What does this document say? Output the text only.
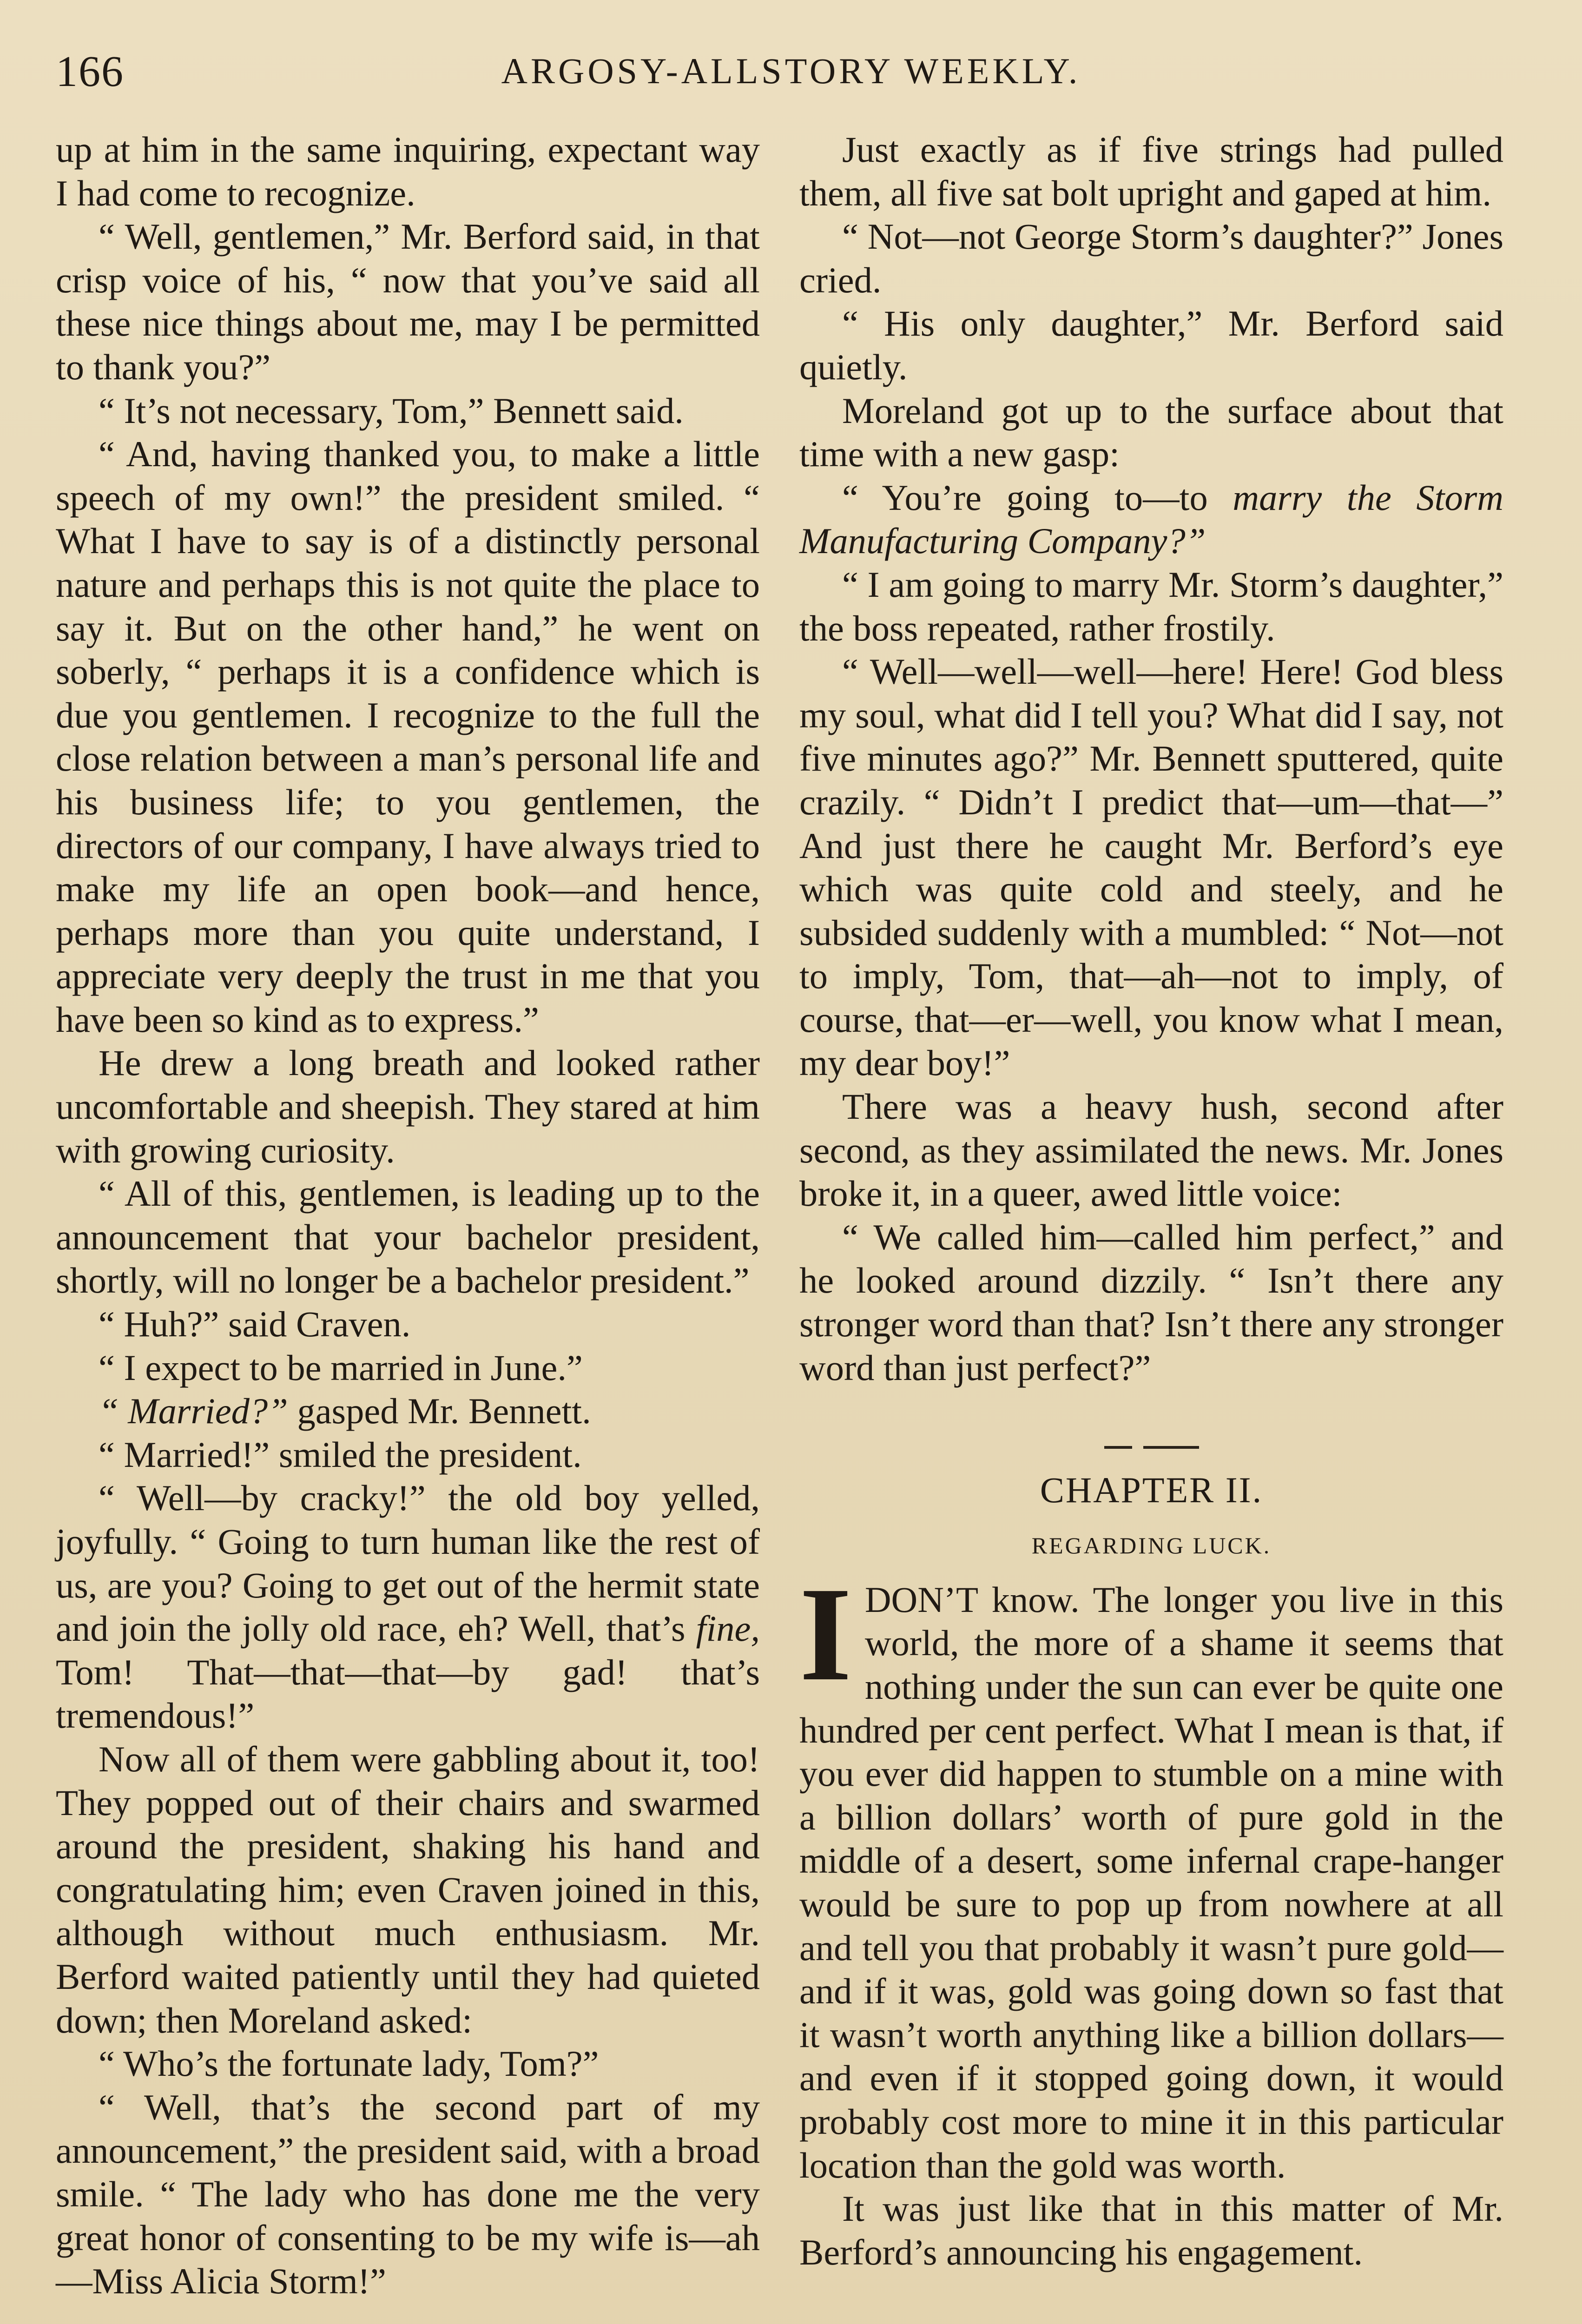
166	ARGOSY-ALLSTORY WEEKLY.

up at him in the same inquiring, expectant way I had come to recognize.

“ Well, gentlemen,” Mr. Berford said, in that crisp voice of his, “ now that you’ve said all these nice things about me, may I be permitted to thank you?”

“ It’s not necessary, Tom,” Bennett said.

“ And, having thanked you, to make a little speech of my own!” the president smiled. “ What I have to say is of a distinctly personal nature and perhaps this is not quite the place to say it. But on the other hand,” he went on soberly, “ perhaps it is a confidence which is due you gentlemen. I recognize to the full the close relation between a man’s personal life and his business life; to you gentlemen, the directors of our company, I have always tried to make my life an open book—and hence, perhaps more than you quite understand, I appreciate very deeply the trust in me that you have been so kind as to express.”

He drew a long breath and looked rather uncomfortable and sheepish. They stared at him with growing curiosity.

“ All of this, gentlemen, is leading up to the announcement that your bachelor president, shortly, will no longer be a bachelor president.”

“ Huh?” said Craven.

“ I expect to be married in June.”

“ Married?” gasped Mr. Bennett.

“ Married!” smiled the president.

“ Well—by cracky!” the old boy yelled, joyfully. “ Going to turn human like the rest of us, are you? Going to get out of the hermit state and join the jolly old race, eh? Well, that’s fine, Tom! That—that—that—by gad! that’s tremendous!”

Now all of them were gabbling about it, too! They popped out of their chairs and swarmed around the president, shaking his hand and congratulating him; even Craven joined in this, although without much enthusiasm. Mr. Berford waited patiently until they had quieted down; then Moreland asked:

“ Who’s the fortunate lady, Tom?”

“ Well, that’s the second part of my announcement,” the president said, with a broad smile. “ The lady who has done me the very great honor of consenting to be my wife is—ah—Miss Alicia Storm!”

Just exactly as if five strings had pulled them, all five sat bolt upright and gaped at him.

“ Not—not George Storm’s daughter?” Jones cried.

“ His only daughter,” Mr. Berford said quietly.

Moreland got up to the surface about that time with a new gasp:

“ You’re going to—to marry the Storm Manufacturing Company?”

“ I am going to marry Mr. Storm’s daughter,” the boss repeated, rather frostily.

“ Well—well—well—here! Here! God bless my soul, what did I tell you? What did I say, not five minutes ago?” Mr. Bennett sputtered, quite crazily. “ Didn’t I predict that—um—that—” And just there he caught Mr. Berford’s eye which was quite cold and steely, and he subsided suddenly with a mumbled: “ Not—not to imply, Tom, that—ah—not to imply, of course, that—er—well, you know what I mean, my dear boy!”

There was a heavy hush, second after second, as they assimilated the news. Mr. Jones broke it, in a queer, awed little voice:

“ We called him—called him perfect,” and he looked around dizzily. “ Isn’t there any stronger word than that? Isn’t there any stronger word than just perfect?”

CHAPTER II.
REGARDING LUCK.

I DON’T know. The longer you live in this world, the more of a shame it seems that nothing under the sun can ever be quite one hundred per cent perfect. What I mean is that, if you ever did happen to stumble on a mine with a billion dollars’ worth of pure gold in the middle of a desert, some infernal crape-hanger would be sure to pop up from nowhere at all and tell you that probably it wasn’t pure gold—and if it was, gold was going down so fast that it wasn’t worth anything like a billion dollars—and even if it stopped going down, it would probably cost more to mine it in this particular location than the gold was worth.

It was just like that in this matter of Mr. Berford’s announcing his engagement.
